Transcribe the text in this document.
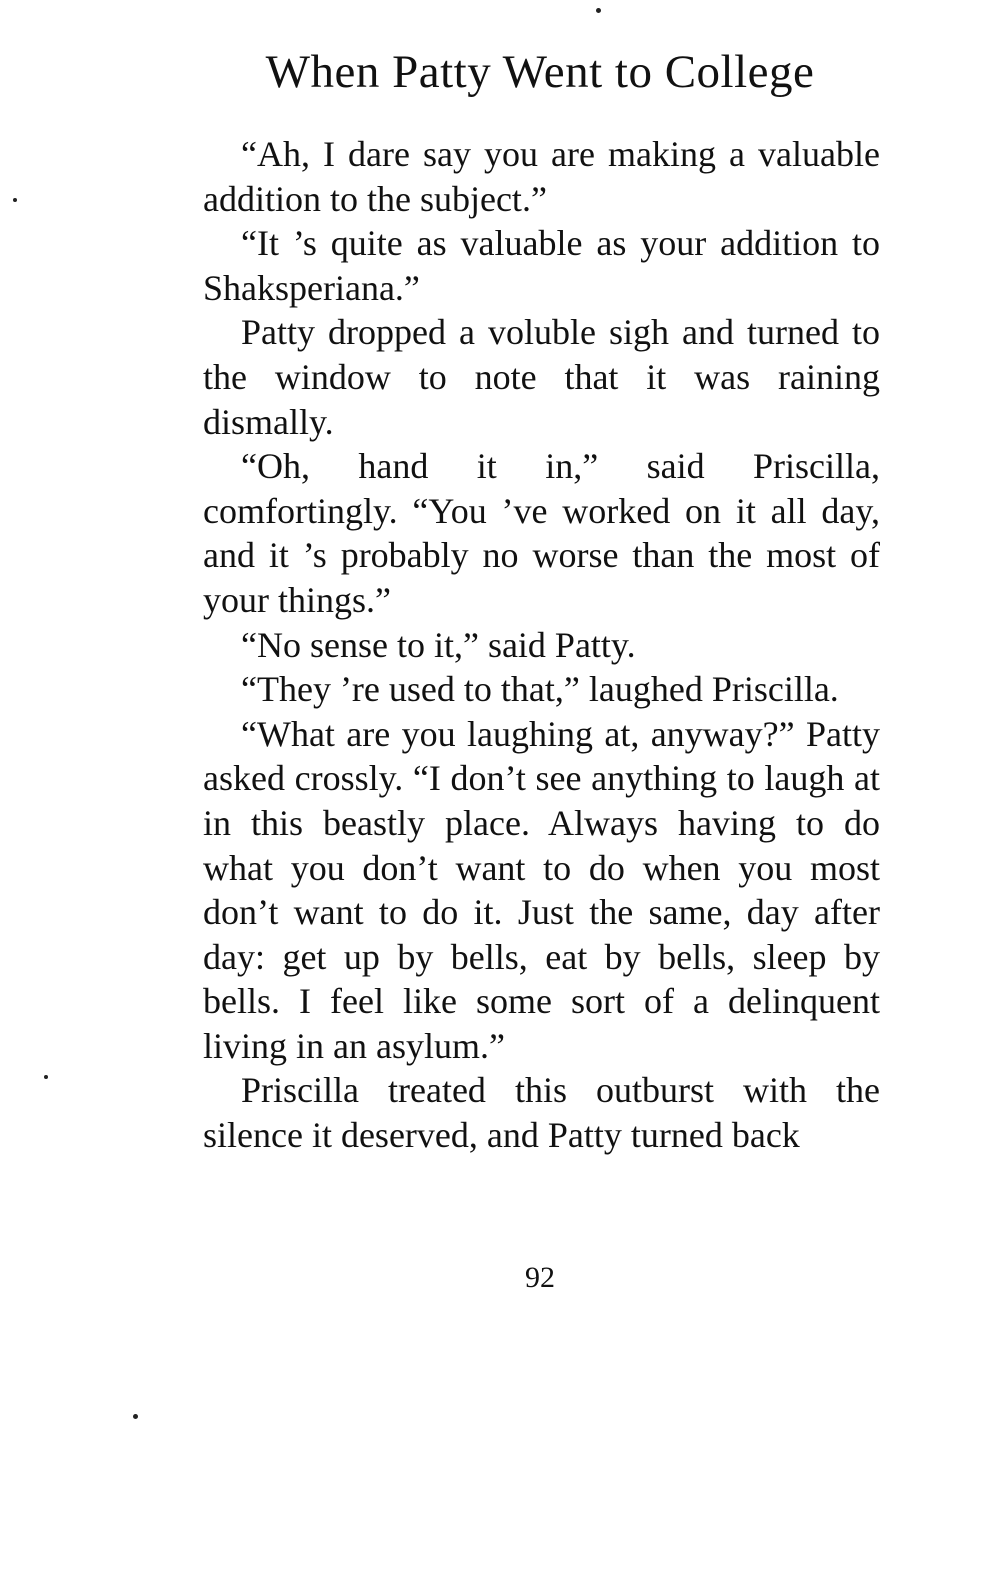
When Patty Went to College

“Ah, I dare say you are making a valuable addition to the subject.”

“It ’s quite as valuable as your addition to Shaksperiana.”

Patty dropped a voluble sigh and turned to the window to note that it was raining dismally.

“Oh, hand it in,” said Priscilla, comfortingly. “You ’ve worked on it all day, and it ’s probably no worse than the most of your things.”

“No sense to it,” said Patty.

“They ’re used to that,” laughed Priscilla.

“What are you laughing at, anyway?” Patty asked crossly. “I don’t see anything to laugh at in this beastly place. Always having to do what you don’t want to do when you most don’t want to do it. Just the same, day after day: get up by bells, eat by bells, sleep by bells. I feel like some sort of a delinquent living in an asylum.”

Priscilla treated this outburst with the silence it deserved, and Patty turned back

92
